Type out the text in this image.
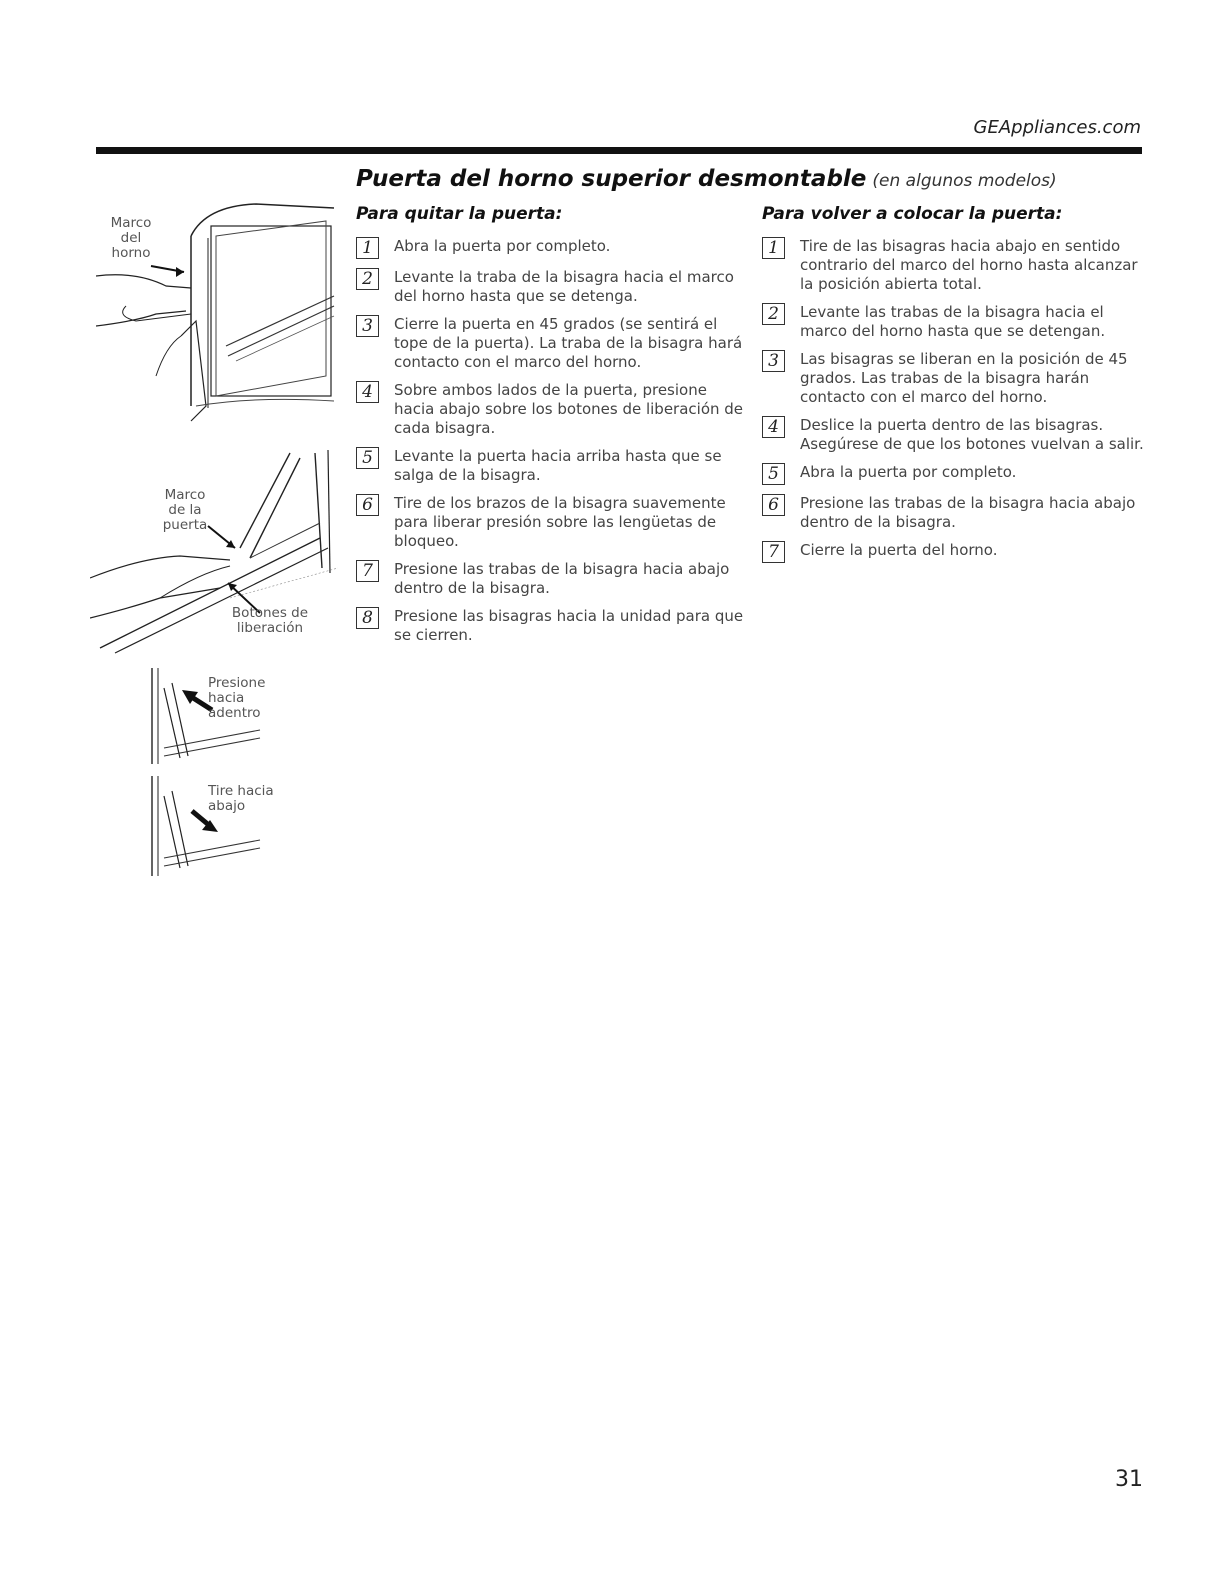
GEAppliances.com
Puerta del horno superior desmontable (en algunos modelos)
Marco del horno
Marco de la puerta
Botones de liberación
Presione hacia adentro
Tire hacia abajo
Para quitar la puerta:
1	Abra la puerta por completo.
2	Levante la traba de la bisagra hacia el marco del horno hasta que se detenga.
3	Cierre la puerta en 45 grados (se sentirá el tope de la puerta). La traba de la bisagra hará contacto con el marco del horno.
4	Sobre ambos lados de la puerta, presione hacia abajo sobre los botones de liberación de cada bisagra.
5	Levante la puerta hacia arriba hasta que se salga de la bisagra.
6	Tire de los brazos de la bisagra suavemente para liberar presión sobre las lengüetas de bloqueo.
7	Presione las trabas de la bisagra hacia abajo dentro de la bisagra.
8	Presione las bisagras hacia la unidad para que se cierren.
Para volver a colocar la puerta:
1	Tire de las bisagras hacia abajo en sentido contrario del marco del horno hasta alcanzar la posición abierta total.
2	Levante las trabas de la bisagra hacia el marco del horno hasta que se detengan.
3	Las bisagras se liberan en la posición de 45 grados. Las trabas de la bisagra harán contacto con el marco del horno.
4	Deslice la puerta dentro de las bisagras. Asegúrese de que los botones vuelvan a salir.
5	Abra la puerta por completo.
6	Presione las trabas de la bisagra hacia abajo dentro de la bisagra.
7	Cierre la puerta del horno.
31
